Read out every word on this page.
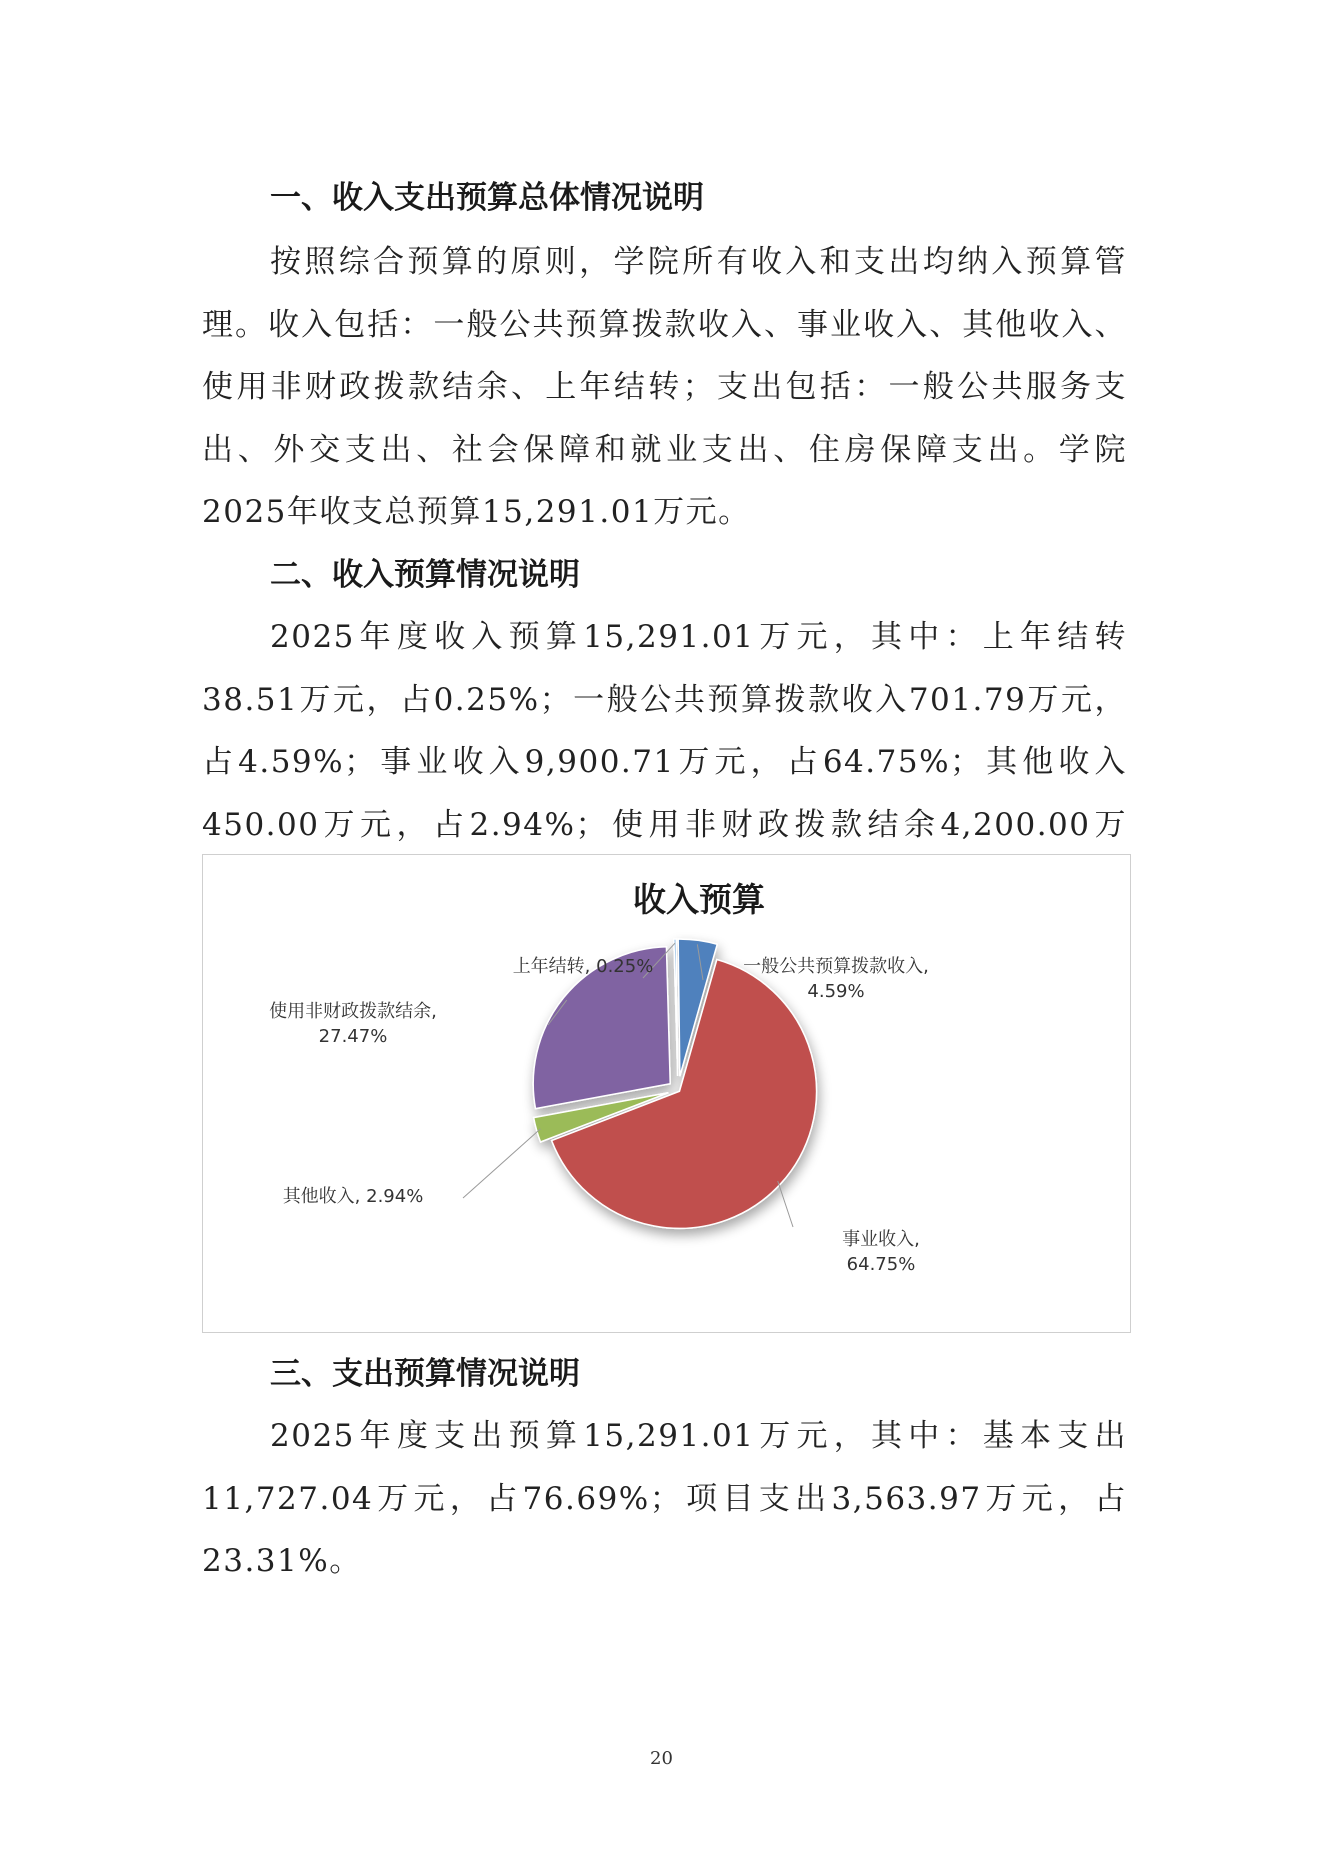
一、收入支出预算总体情况说明

按照综合预算的原则，学院所有收入和支出均纳入预算管理。收入包括：一般公共预算拨款收入、事业收入、其他收入、使用非财政拨款结余、上年结转；支出包括：一般公共服务支出、外交支出、社会保障和就业支出、住房保障支出。学院2025年收支总预算15,291.01万元。

二、收入预算情况说明

2025年度收入预算15,291.01万元，其中：上年结转38.51万元，占0.25%；一般公共预算拨款收入701.79万元，占4.59%；事业收入9,900.71万元，占64.75%；其他收入450.00万元，占2.94%；使用非财政拨款结余4,200.00万

收入预算
上年结转, 0.25%	一般公共预算拨款收入,
4.59%
事业收入,
64.75%
其他收入, 2.94%
使用非财政拨款结余,
27.47%
三、支出预算情况说明

2025年度支出预算15,291.01万元，其中：基本支出11,727.04万元，占76.69%；项目支出3,563.97万元，占23.31%。

20
